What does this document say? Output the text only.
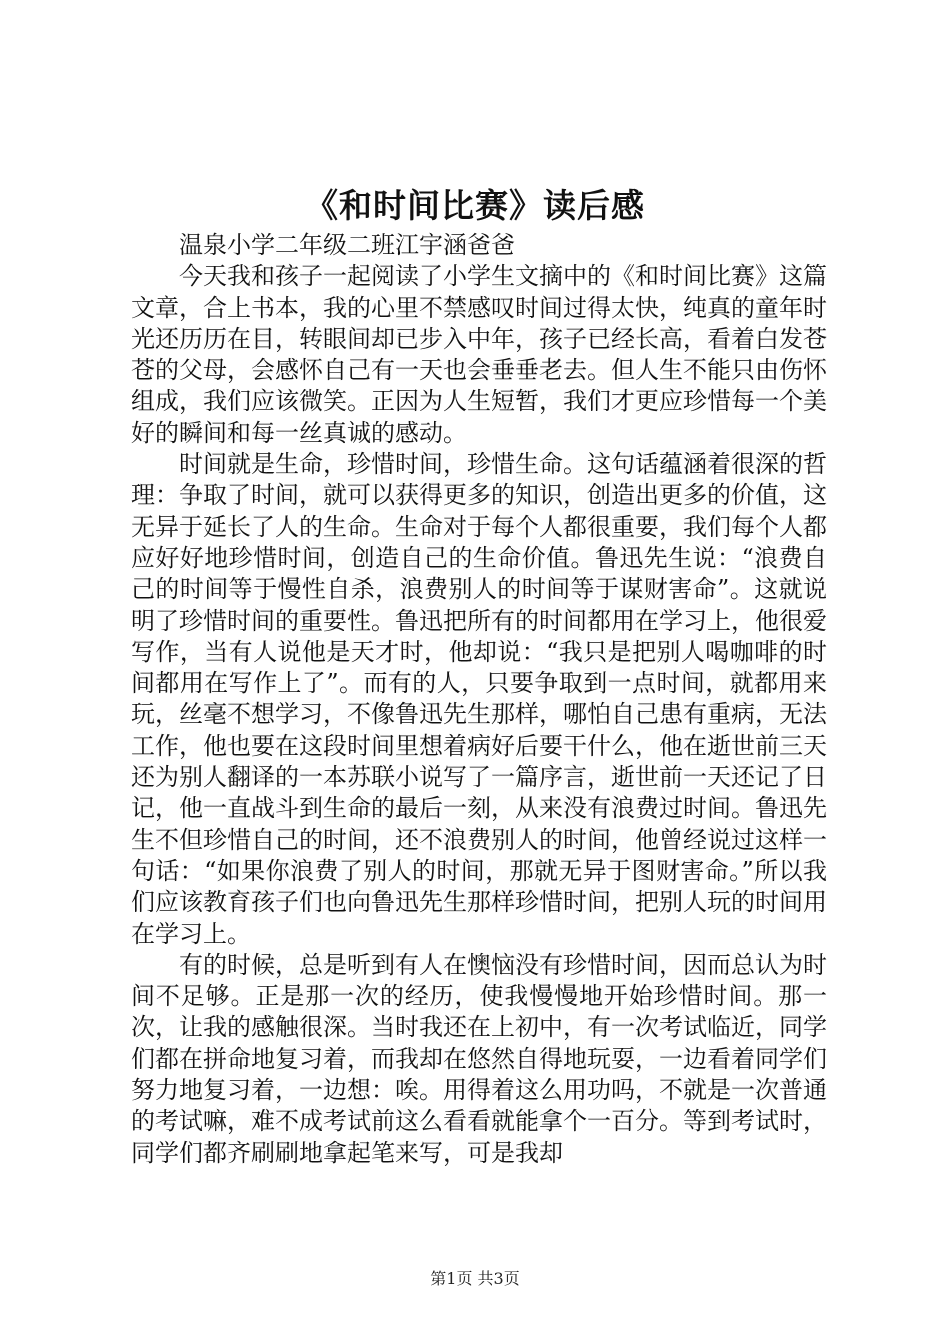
《和时间比赛》读后感

温泉小学二年级二班江宇涵爸爸

今天我和孩子一起阅读了小学生文摘中的《和时间比赛》这篇文章，合上书本，我的心里不禁感叹时间过得太快，纯真的童年时光还历历在目，转眼间却已步入中年，孩子已经长高，看着白发苍苍的父母，会感怀自己有一天也会垂垂老去。但人生不能只由伤怀组成，我们应该微笑。正因为人生短暂，我们才更应珍惜每一个美好的瞬间和每一丝真诚的感动。

时间就是生命，珍惜时间，珍惜生命。这句话蕴涵着很深的哲理：争取了时间，就可以获得更多的知识，创造出更多的价值，这无异于延长了人的生命。生命对于每个人都很重要，我们每个人都应好好地珍惜时间，创造自己的生命价值。鲁迅先生说：“浪费自己的时间等于慢性自杀，浪费别人的时间等于谋财害命”。这就说明了珍惜时间的重要性。鲁迅把所有的时间都用在学习上，他很爱写作，当有人说他是天才时，他却说：“我只是把别人喝咖啡的时间都用在写作上了”。而有的人，只要争取到一点时间，就都用来玩，丝毫不想学习，不像鲁迅先生那样，哪怕自己患有重病，无法工作，他也要在这段时间里想着病好后要干什么，他在逝世前三天还为别人翻译的一本苏联小说写了一篇序言，逝世前一天还记了日记，他一直战斗到生命的最后一刻，从来没有浪费过时间。鲁迅先生不但珍惜自己的时间，还不浪费别人的时间，他曾经说过这样一句话：“如果你浪费了别人的时间，那就无异于图财害命。”所以我们应该教育孩子们也向鲁迅先生那样珍惜时间，把别人玩的时间用在学习上。

有的时候，总是听到有人在懊恼没有珍惜时间，因而总认为时间不足够。正是那一次的经历，使我慢慢地开始珍惜时间。那一次，让我的感触很深。当时我还在上初中，有一次考试临近，同学们都在拼命地复习着，而我却在悠然自得地玩耍，一边看着同学们努力地复习着，一边想：唉。用得着这么用功吗，不就是一次普通的考试嘛，难不成考试前这么看看就能拿个一百分。等到考试时，同学们都齐刷刷地拿起笔来写，可是我却

第1页 共3页
